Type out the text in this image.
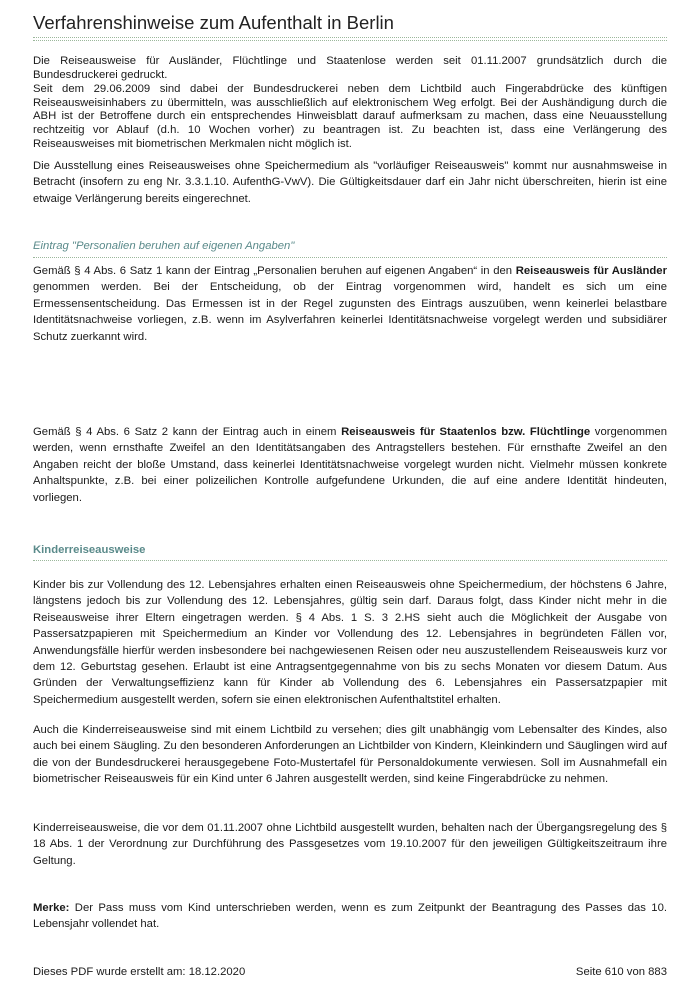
Verfahrenshinweise zum Aufenthalt in Berlin

Die Reiseausweise für Ausländer, Flüchtlinge und Staatenlose werden seit 01.11.2007 grundsätzlich durch die Bundesdruckerei gedruckt.

Seit dem 29.06.2009 sind dabei der Bundesdruckerei neben dem Lichtbild auch Fingerabdrücke des künftigen Reiseausweisinhabers zu übermitteln, was ausschließlich auf elektronischem Weg erfolgt. Bei der Aushändigung durch die ABH ist der Betroffene durch ein entsprechendes Hinweisblatt darauf aufmerksam zu machen, dass eine Neuausstellung rechtzeitig vor Ablauf (d.h. 10 Wochen vorher) zu beantragen ist. Zu beachten ist, dass eine Verlängerung des Reiseausweises mit biometrischen Merkmalen nicht möglich ist.

Die Ausstellung eines Reiseausweises ohne Speichermedium als "vorläufiger Reiseausweis" kommt nur ausnahmsweise in Betracht (insofern zu eng Nr. 3.3.1.10. AufenthG-VwV). Die Gültigkeitsdauer darf ein Jahr nicht überschreiten, hierin ist eine etwaige Verlängerung bereits eingerechnet.

Eintrag "Personalien beruhen auf eigenen Angaben"

Gemäß § 4 Abs. 6 Satz 1 kann der Eintrag „Personalien beruhen auf eigenen Angaben“ in den Reiseausweis für Ausländer genommen werden. Bei der Entscheidung, ob der Eintrag vorgenommen wird, handelt es sich um eine Ermessensentscheidung. Das Ermessen ist in der Regel zugunsten des Eintrags auszuüben, wenn keinerlei belastbare Identitätsnachweise vorliegen, z.B. wenn im Asylverfahren keinerlei Identitätsnachweise vorgelegt werden und subsidiärer Schutz zuerkannt wird.

Gemäß § 4 Abs. 6 Satz 2 kann der Eintrag auch in einem Reiseausweis für Staatenlos bzw. Flüchtlinge vorgenommen werden, wenn ernsthafte Zweifel an den Identitätsangaben des Antragstellers bestehen. Für ernsthafte Zweifel an den Angaben reicht der bloße Umstand, dass keinerlei Identitätsnachweise vorgelegt wurden nicht. Vielmehr müssen konkrete Anhaltspunkte, z.B. bei einer polizeilichen Kontrolle aufgefundene Urkunden, die auf eine andere Identität hindeuten, vorliegen.

Kinderreiseausweise

Kinder bis zur Vollendung des 12. Lebensjahres erhalten einen Reiseausweis ohne Speichermedium, der höchstens 6 Jahre, längstens jedoch bis zur Vollendung des 12. Lebensjahres, gültig sein darf. Daraus folgt, dass Kinder nicht mehr in die Reiseausweise ihrer Eltern eingetragen werden. § 4 Abs. 1 S. 3 2.HS sieht auch die Möglichkeit der Ausgabe von Passersatzpapieren mit Speichermedium an Kinder vor Vollendung des 12. Lebensjahres in begründeten Fällen vor, Anwendungsfälle hierfür werden insbesondere bei nachgewiesenen Reisen oder neu auszustellendem Reiseausweis kurz vor dem 12. Geburtstag gesehen. Erlaubt ist eine Antragsentgegennahme von bis zu sechs Monaten vor diesem Datum. Aus Gründen der Verwaltungseffizienz kann für Kinder ab Vollendung des 6. Lebensjahres ein Passersatzpapier mit Speichermedium ausgestellt werden, sofern sie einen elektronischen Aufenthaltstitel erhalten.

Auch die Kinderreiseausweise sind mit einem Lichtbild zu versehen; dies gilt unabhängig vom Lebensalter des Kindes, also auch bei einem Säugling. Zu den besonderen Anforderungen an Lichtbilder von Kindern, Kleinkindern und Säuglingen wird auf die von der Bundesdruckerei herausgegebene Foto-Mustertafel für Personaldokumente verwiesen. Soll im Ausnahmefall ein biometrischer Reiseausweis für ein Kind unter 6 Jahren ausgestellt werden, sind keine Fingerabdrücke zu nehmen.

Kinderreiseausweise, die vor dem 01.11.2007 ohne Lichtbild ausgestellt wurden, behalten nach der Übergangsregelung des § 18 Abs. 1 der Verordnung zur Durchführung des Passgesetzes vom 19.10.2007 für den jeweiligen Gültigkeitszeitraum ihre Geltung.

Merke: Der Pass muss vom Kind unterschrieben werden, wenn es zum Zeitpunkt der Beantragung des Passes das 10. Lebensjahr vollendet hat.

Dieses PDF wurde erstellt am: 18.12.2020	Seite 610 von 883
